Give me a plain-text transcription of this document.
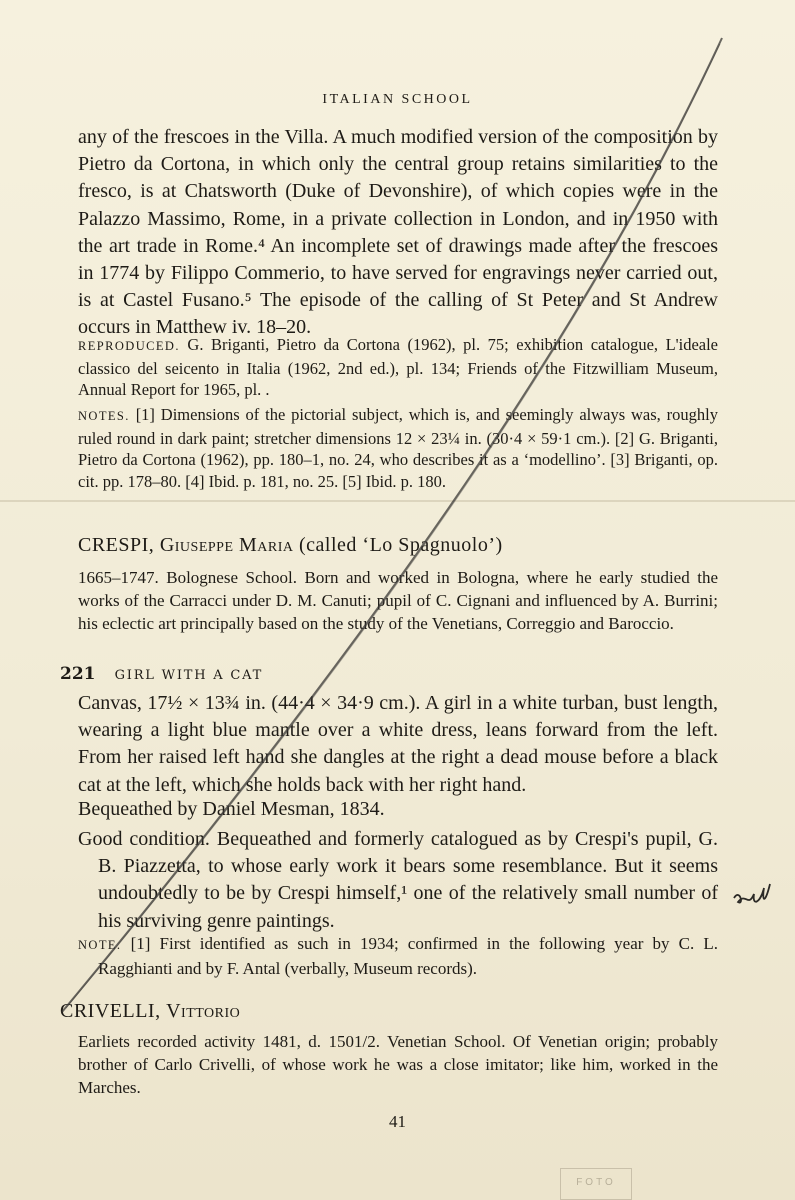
ITALIAN SCHOOL

any of the frescoes in the Villa. A much modified version of the composition by Pietro da Cortona, in which only the central group retains similarities to the fresco, is at Chatsworth (Duke of Devonshire), of which copies were in the Palazzo Massimo, Rome, in a private collection in London, and in 1950 with the art trade in Rome.⁴ An incomplete set of drawings made after the frescoes in 1774 by Filippo Commerio, to have served for engravings never carried out, is at Castel Fusano.⁵ The episode of the calling of St Peter and St Andrew occurs in Matthew iv. 18–20.

REPRODUCED. G. Briganti, Pietro da Cortona (1962), pl. 75; exhibition catalogue, L'ideale classico del seicento in Italia (1962, 2nd ed.), pl. 134; Friends of the Fitzwilliam Museum, Annual Report for 1965, pl. .

NOTES. [1] Dimensions of the pictorial subject, which is, and seemingly always was, roughly ruled round in dark paint; stretcher dimensions 12 × 23¼ in. (30·4 × 59·1 cm.). [2] G. Briganti, Pietro da Cortona (1962), pp. 180–1, no. 24, who describes it as a ‘modellino’. [3] Briganti, op. cit. pp. 178–80. [4] Ibid. p. 181, no. 25. [5] Ibid. p. 180.

CRESPI, Giuseppe Maria (called ‘Lo Spagnuolo’)

1665–1747. Bolognese School. Born and worked in Bologna, where he early studied the works of the Carracci under D. M. Canuti; pupil of C. Cignani and influenced by A. Burrini; his eclectic art principally based on the study of the Venetians, Correggio and Baroccio.

221 GIRL WITH A CAT

Canvas, 17½ × 13¾ in. (44·4 × 34·9 cm.). A girl in a white turban, bust length, wearing a light blue mantle over a white dress, leans forward from the left. From her raised left hand she dangles at the right a dead mouse before a black cat at the left, which she holds back with her right hand.

Bequeathed by Daniel Mesman, 1834.

Good condition. Bequeathed and formerly catalogued as by Crespi's pupil, G. B. Piazzetta, to whose early work it bears some resemblance. But it seems undoubtedly to be by Crespi himself,¹ one of the relatively small number of his surviving genre paintings.

NOTE. [1] First identified as such in 1934; confirmed in the following year by C. L. Ragghianti and by F. Antal (verbally, Museum records).

CRIVELLI, Vittorio

Earliets recorded activity 1481, d. 1501/2. Venetian School. Of Venetian origin; probably brother of Carlo Crivelli, of whose work he was a close imitator; like him, worked in the Marches.

41
FOTO
